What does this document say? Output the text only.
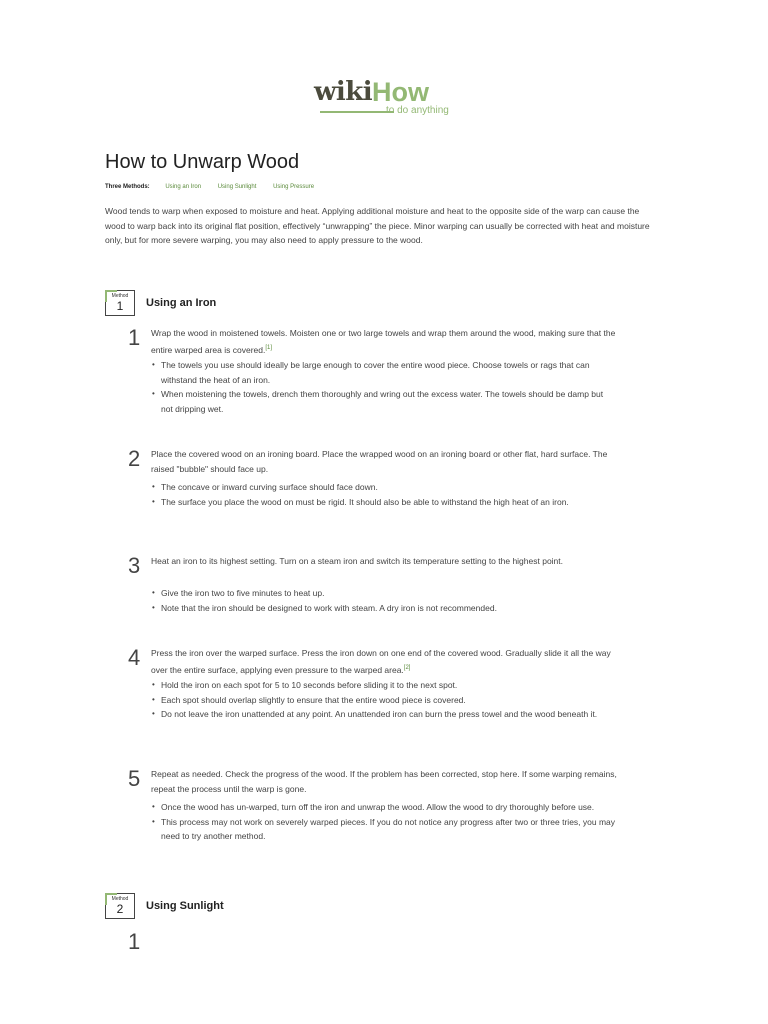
wiki How
to do anything
How to Unwarp Wood
Three Methods:	Using an Iron	Using Sunlight	Using Pressure

Wood tends to warp when exposed to moisture and heat. Applying additional moisture and heat to the opposite side of the warp can cause the wood to warp back into its original flat position, effectively “unwrapping” the piece. Minor warping can usually be corrected with heat and moisture only, but for more severe warping, you may also need to apply pressure to the wood.

Method
1	Using an Iron
1 Wrap the wood in moistened towels. Moisten one or two large towels and wrap them around the wood, making sure that the entire warped area is covered.[1]

• The towels you use should ideally be large enough to cover the entire wood piece. Choose towels or rags that can withstand the heat of an iron.
• When moistening the towels, drench them thoroughly and wring out the excess water. The towels should be damp but not dripping wet.
2 Place the covered wood on an ironing board. Place the wrapped wood on an ironing board or other flat, hard surface. The raised "bubble" should face up.

• The concave or inward curving surface should face down.
• The surface you place the wood on must be rigid. It should also be able to withstand the high heat of an iron.
3 Heat an iron to its highest setting. Turn on a steam iron and switch its temperature setting to the highest point.

• Give the iron two to five minutes to heat up.
• Note that the iron should be designed to work with steam. A dry iron is not recommended.
4 Press the iron over the warped surface. Press the iron down on one end of the covered wood. Gradually slide it all the way over the entire surface, applying even pressure to the warped area.[2]

• Hold the iron on each spot for 5 to 10 seconds before sliding it to the next spot.
• Each spot should overlap slightly to ensure that the entire wood piece is covered.
• Do not leave the iron unattended at any point. An unattended iron can burn the press towel and the wood beneath it.
5 Repeat as needed. Check the progress of the wood. If the problem has been corrected, stop here. If some warping remains, repeat the process until the warp is gone.

• Once the wood has un-warped, turn off the iron and unwrap the wood. Allow the wood to dry thoroughly before use.
• This process may not work on severely warped pieces. If you do not notice any progress after two or three tries, you may need to try another method.
Method
2	Using Sunlight
1
